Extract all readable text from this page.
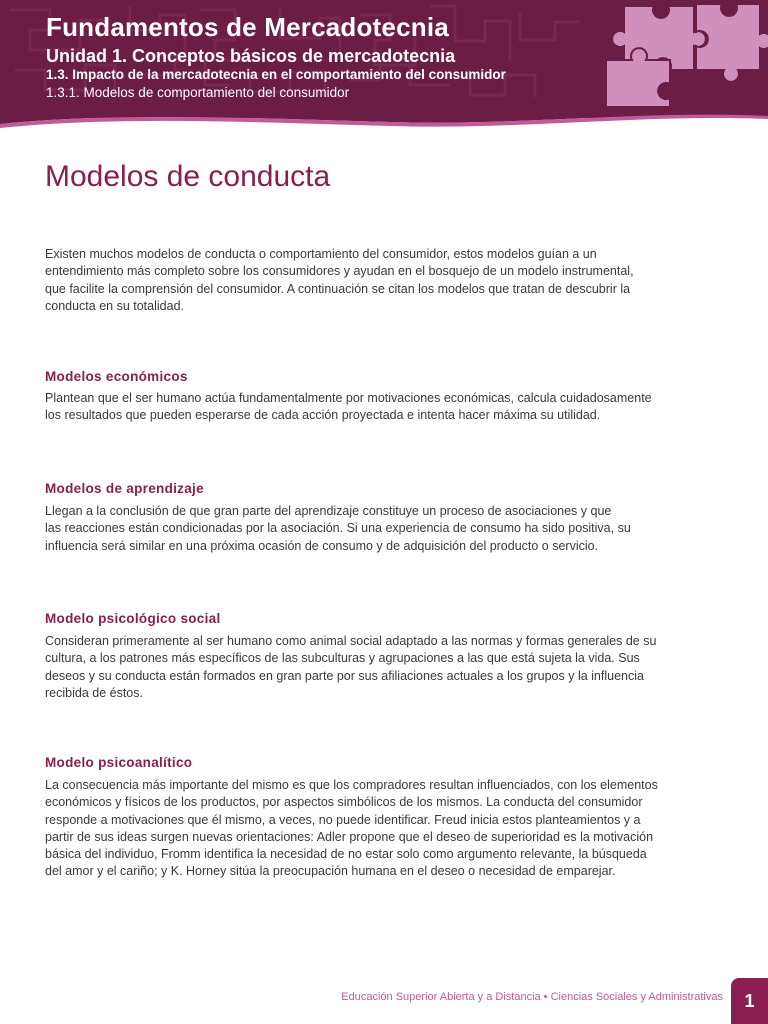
Fundamentos de Mercadotecnia
Unidad 1. Conceptos básicos de mercadotecnia
1.3. Impacto de la mercadotecnia en el comportamiento del consumidor
1.3.1. Modelos de comportamiento del consumidor
Modelos de conducta

Existen muchos modelos de conducta o comportamiento del consumidor, estos modelos guían a un
entendimiento más completo sobre los consumidores y ayudan en el bosquejo de un modelo instrumental,
que facilite la comprensión del consumidor. A continuación se citan los modelos que tratan de descubrir la
conducta en su totalidad.

Modelos económicos

Plantean que el ser humano actúa fundamentalmente por motivaciones económicas, calcula cuidadosamente
los resultados que pueden esperarse de cada acción proyectada e intenta hacer máxima su utilidad.

Modelos de aprendizaje

Llegan a la conclusión de que gran parte del aprendizaje constituye un proceso de asociaciones y que
las reacciones están condicionadas por la asociación. Si una experiencia de consumo ha sido positiva, su
influencia será similar en una próxima ocasión de consumo y de adquisición del producto o servicio.

Modelo psicológico social

Consideran primeramente al ser humano como animal social adaptado a las normas y formas generales de su
cultura, a los patrones más específicos de las subculturas y agrupaciones a las que está sujeta la vida. Sus
deseos y su conducta están formados en gran parte por sus afiliaciones actuales a los grupos y la influencia
recibida de éstos.

Modelo psicoanalítico

La consecuencia más importante del mismo es que los compradores resultan influenciados, con los elementos
económicos y físicos de los productos, por aspectos simbólicos de los mismos. La conducta del consumidor
responde a motivaciones que él mismo, a veces, no puede identificar. Freud inicia estos planteamientos y a
partir de sus ideas surgen nuevas orientaciones: Adler propone que el deseo de superioridad es la motivación
básica del individuo, Fromm identifica la necesidad de no estar solo como argumento relevante, la búsqueda
del amor y el cariño; y K. Horney sitúa la preocupación humana en el deseo o necesidad de emparejar.

Educación Superior Abierta y a Distancia • Ciencias Sociales y Administrativas	1
